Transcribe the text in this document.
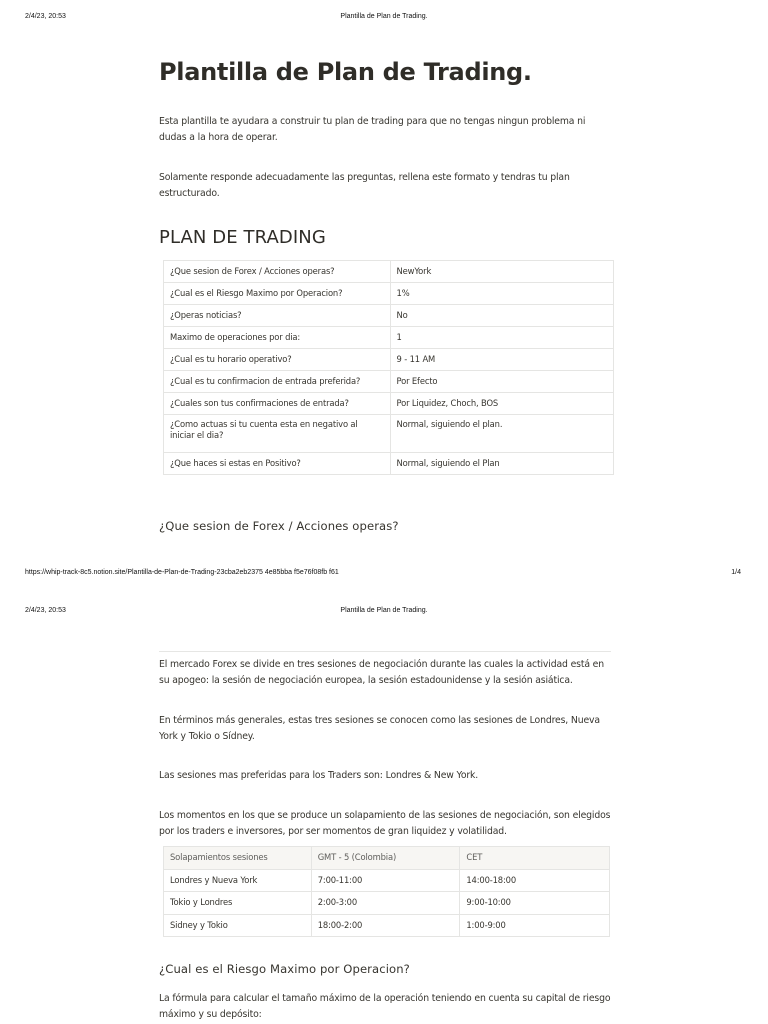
2/4/23, 20:53	Plantilla de Plan de Trading.
Plantilla de Plan de Trading.

Esta plantilla te ayudara a construir tu plan de trading para que no tengas ningun problema ni dudas a la hora de operar.

Solamente responde adecuadamente las preguntas, rellena este formato y tendras tu plan estructurado.

PLAN DE TRADING
¿Que sesion de Forex / Acciones operas?	NewYork
¿Cual es el Riesgo Maximo por Operacion?	1%
¿Operas noticias?	No
Maximo de operaciones por dia:	1
¿Cual es tu horario operativo?	9 - 11 AM
¿Cual es tu confirmacion de entrada preferida?	Por Efecto
¿Cuales son tus confirmaciones de entrada?	Por Liquidez, Choch, BOS
¿Como actuas si tu cuenta esta en negativo al iniciar el dia?	Normal, siguiendo el plan.
¿Que haces si estas en Positivo?	Normal, siguiendo el Plan
¿Que sesion de Forex / Acciones operas?
https://whip-track-8c5.notion.site/Plantilla-de-Plan-de-Trading-23cba2eb2375 4e85bba f5e76f08fb f61	1/4
2/4/23, 20:53	Plantilla de Plan de Trading.

El mercado Forex se divide en tres sesiones de negociación durante las cuales la actividad está en su apogeo: la sesión de negociación europea, la sesión estadounidense y la sesión asiática.

En términos más generales, estas tres sesiones se conocen como las sesiones de Londres, Nueva York y Tokio o Sídney.

Las sesiones mas preferidas para los Traders son: Londres & New York.

Los momentos en los que se produce un solapamiento de las sesiones de negociación, son elegidos por los traders e inversores, por ser momentos de gran liquidez y volatilidad.

Solapamientos sesiones	GMT - 5 (Colombia)	CET
Londres y Nueva York	7:00-11:00	14:00-18:00
Tokio y Londres	2:00-3:00	9:00-10:00
Sidney y Tokio	18:00-2:00	1:00-9:00
¿Cual es el Riesgo Maximo por Operacion?

La fórmula para calcular el tamaño máximo de la operación teniendo en cuenta su capital de riesgo máximo y su depósito:
